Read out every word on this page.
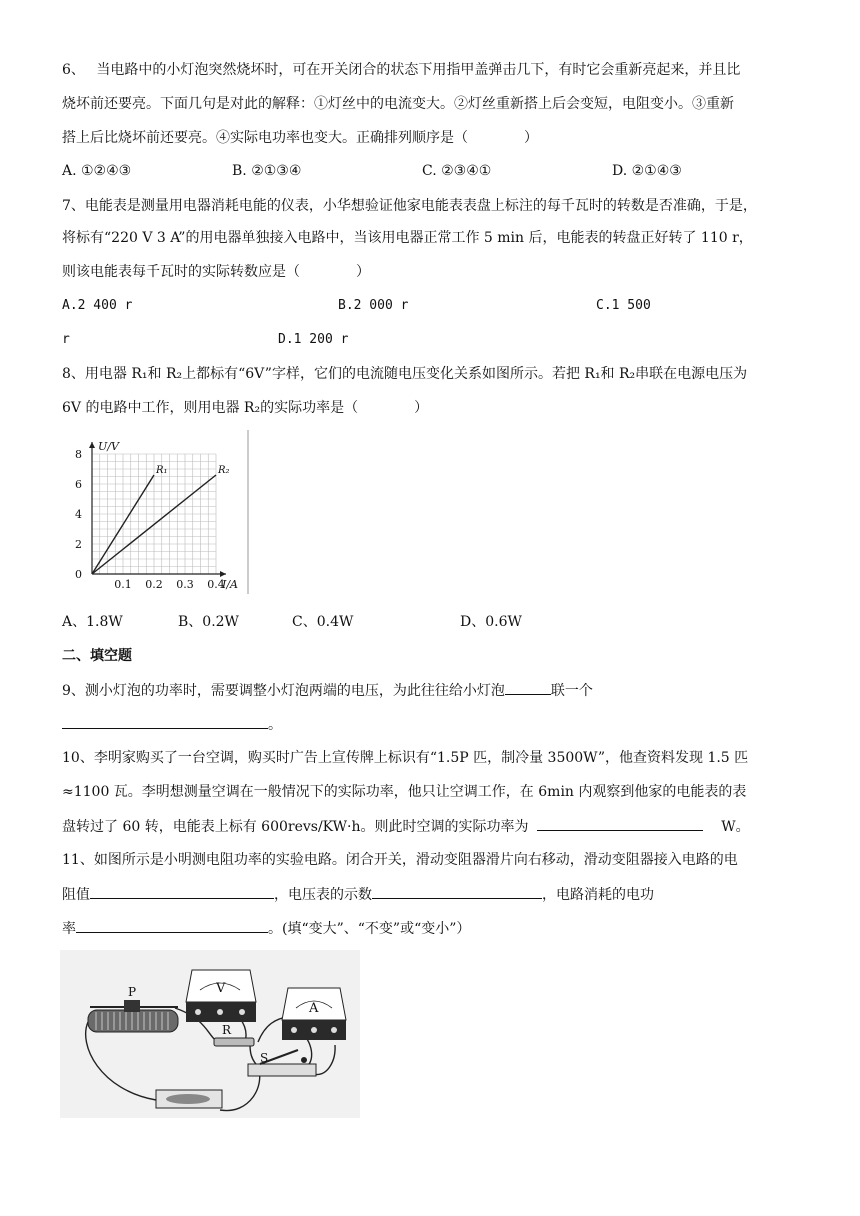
6、　 当电路中的小灯泡突然烧坏时，可在开关闭合的状态下用指甲盖弹击几下，有时它会重新亮起来，并且比
烧坏前还要亮。下面几句是对此的解释：①灯丝中的电流变大。②灯丝重新搭上后会变短，电阻变小。③重新
搭上后比烧坏前还要亮。④实际电功率也变大。正确排列顺序是（　　　　）
A. ①②④③	B. ②①③④	C. ②③④①	D. ②①④③
7、电能表是测量用电器消耗电能的仪表，小华想验证他家电能表表盘上标注的每千瓦时的转数是否准确，于是，
将标有“220 V 3 A”的用电器单独接入电路中，当该用电器正常工作 5 min 后，电能表的转盘正好转了 110 r，
则该电能表每千瓦时的实际转数应是（　　　　）
A.2 400 r	B.2 000 r	C.1 500
r	D.1 200 r
8、用电器 R₁和 R₂上都标有“6V”字样，它们的电流随电压变化关系如图所示。若把 R₁和 R₂串联在电源电压为
6V 的电路中工作，则用电器 R₂的实际功率是（　　　　）
U/V
I/A
0
2
4
6
8
0.1 0.2 0.3 0.4
R₁	R₂
A、1.8W	B、0.2W	C、0.4W	D、0.6W
二、填空题
9、测小灯泡的功率时，需要调整小灯泡两端的电压，为此往往给小灯泡	联一个
。
10、李明家购买了一台空调，购买时广告上宣传牌上标识有“1.5P 匹，制冷量 3500W”，他查资料发现 1.5 匹
≈1100 瓦。李明想测量空调在一般情况下的实际功率，他只让空调工作，在 6min 内观察到他家的电能表的表
盘转过了 60 转，电能表上标有 600revs/KW·h。则此时空调的实际功率为	W。
11、如图所示是小明测电阻功率的实验电路。闭合开关，滑动变阻器滑片向右移动，滑动变阻器接入电路的电
阻值	，电压表的示数	，电路消耗的电功
率	。(填“变大”、“不变”或“变小”）
P	V
A
R
S
